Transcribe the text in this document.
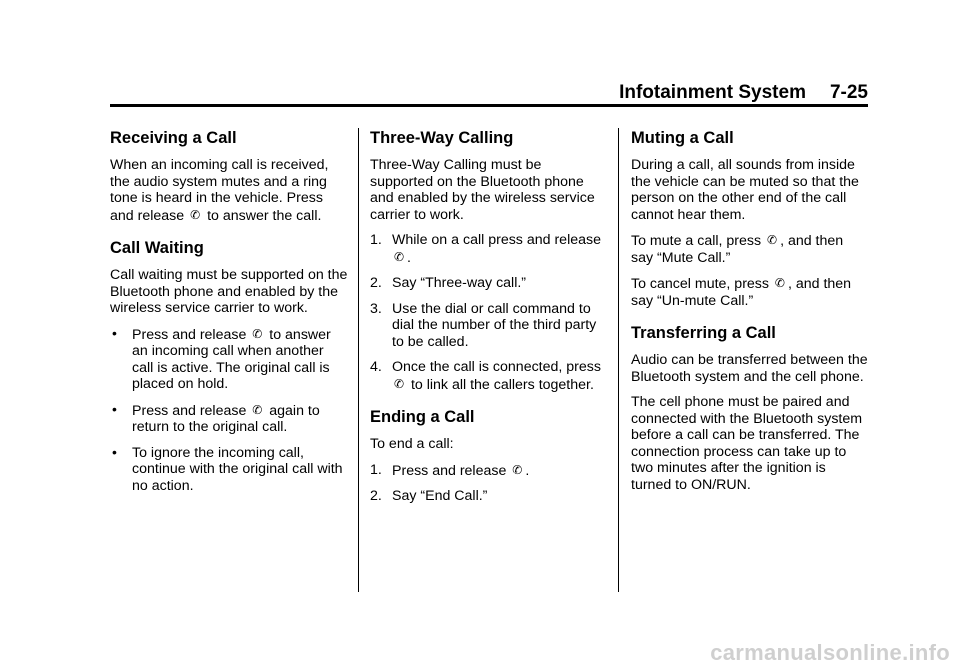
Infotainment System 7-25
Receiving a Call

When an incoming call is received, the audio system mutes and a ring tone is heard in the vehicle. Press and release ✆ to answer the call.

Call Waiting

Call waiting must be supported on the Bluetooth phone and enabled by the wireless service carrier to work.

• Press and release ✆ to answer an incoming call when another call is active. The original call is placed on hold.
• Press and release ✆ again to return to the original call.
• To ignore the incoming call, continue with the original call with no action.
Three-Way Calling

Three-Way Calling must be supported on the Bluetooth phone and enabled by the wireless service carrier to work.

1. While on a call press and release ✆ .
2. Say “Three-way call.”
3. Use the dial or call command to dial the number of the third party to be called.
4. Once the call is connected, press ✆ to link all the callers together.
Ending a Call

To end a call:

1. Press and release ✆ .
2. Say “End Call.”
Muting a Call

During a call, all sounds from inside the vehicle can be muted so that the person on the other end of the call cannot hear them.

To mute a call, press ✆ , and then say “Mute Call.”

To cancel mute, press ✆ , and then say “Un-mute Call.”

Transferring a Call

Audio can be transferred between the Bluetooth system and the cell phone.

The cell phone must be paired and connected with the Bluetooth system before a call can be transferred. The connection process can take up to two minutes after the ignition is turned to ON/RUN.

carmanualsonline.info
